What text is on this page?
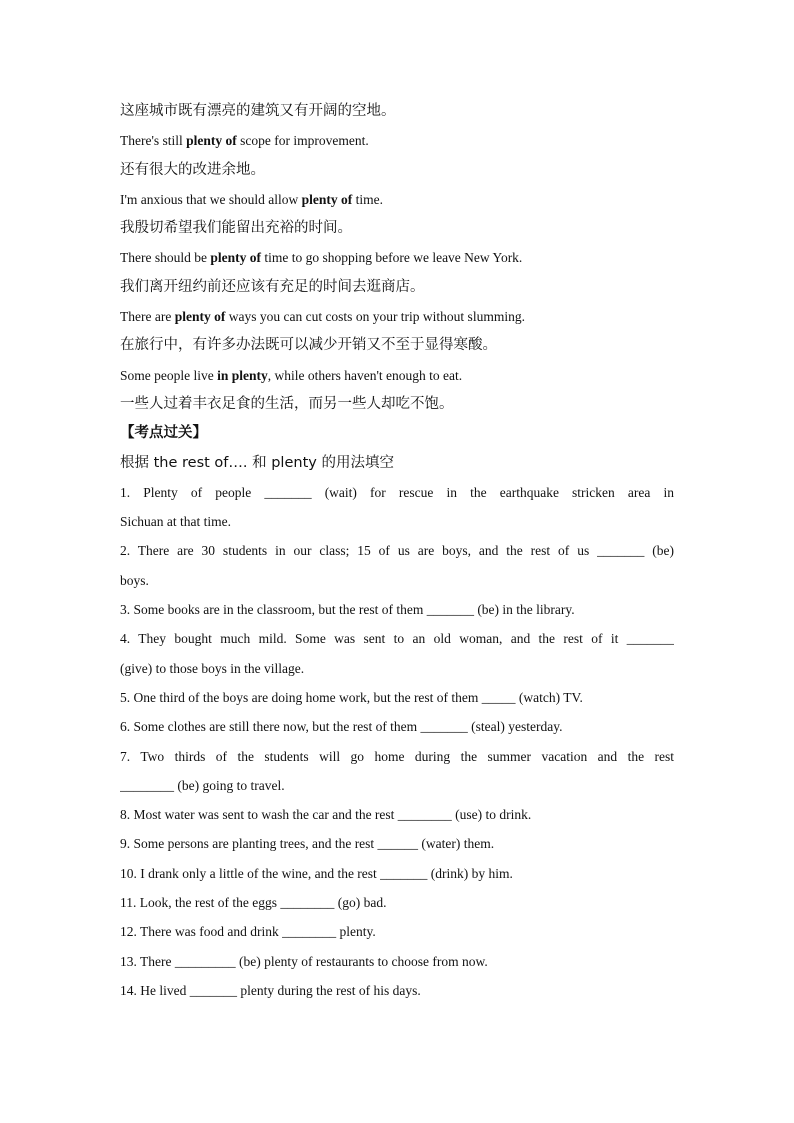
这座城市既有漂亮的建筑又有开阔的空地。
There's still plenty of scope for improvement.
还有很大的改进余地。
I'm anxious that we should allow plenty of time.
我殷切希望我们能留出充裕的时间。
There should be plenty of time to go shopping before we leave New York.
我们离开纽约前还应该有充足的时间去逛商店。
There are plenty of ways you can cut costs on your trip without slumming.
在旅行中，有许多办法既可以减少开销又不至于显得寒酸。
Some people live in plenty, while others haven't enough to eat.
一些人过着丰衣足食的生活，而另一些人却吃不饱。
【考点过关】
根据 the rest of…. 和 plenty 的用法填空
1. Plenty of people _______ (wait) for rescue in the earthquake stricken area in
Sichuan at that time.
2. There are 30 students in our class; 15 of us are boys, and the rest of us _______ (be)
boys.
3. Some books are in the classroom, but the rest of them _______ (be) in the library.
4. They bought much mild. Some was sent to an old woman, and the rest of it _______
(give) to those boys in the village.
5. One third of the boys are doing home work, but the rest of them _____ (watch) TV.
6. Some clothes are still there now, but the rest of them _______ (steal) yesterday.
7. Two thirds of the students will go home during the summer vacation and the rest
________ (be) going to travel.
8. Most water was sent to wash the car and the rest ________ (use) to drink.
9. Some persons are planting trees, and the rest ______ (water) them.
10. I drank only a little of the wine, and the rest _______ (drink) by him.
11. Look, the rest of the eggs ________ (go) bad.
12. There was food and drink ________ plenty.
13. There _________ (be) plenty of restaurants to choose from now.
14. He lived _______ plenty during the rest of his days.
